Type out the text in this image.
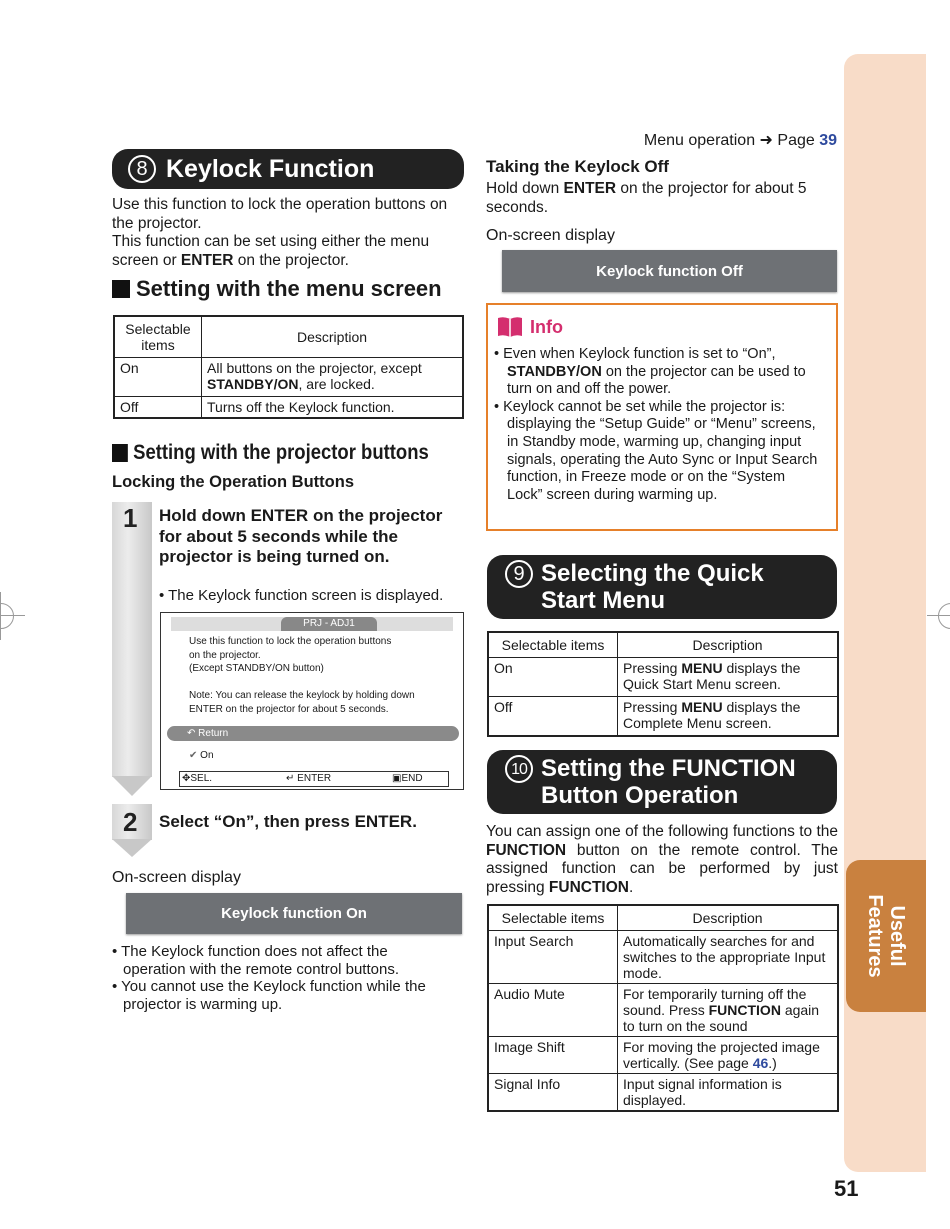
Useful
Features
Menu operation ➜ Page 39
8 Keylock Function
Use this function to lock the operation buttons on the projector.
This function can be set using either the menu screen or ENTER on the projector.
Setting with the menu screen
Selectable items	Description
On	All buttons on the projector, except STANDBY/ON, are locked.
Off	Turns off the Keylock function.
Setting with the projector buttons
Locking the Operation Buttons
1 Hold down ENTER on the projector for about 5 seconds while the projector is being turned on.
• The Keylock function screen is displayed.
PRJ - ADJ1
Use this function to lock the operation buttons
on the projector.
(Except STANDBY/ON button)

Note: You can release the keylock by holding down
ENTER on the projector for about 5 seconds.
↶ Return
✔ On
✥SEL.	↵ ENTER	▣END
2 Select “On”, then press ENTER.
On-screen display
Keylock function On
• The Keylock function does not affect the operation with the remote control buttons.
• You cannot use the Keylock function while the projector is warming up.
Taking the Keylock Off
Hold down ENTER on the projector for about 5 seconds.
On-screen display
Keylock function Off
Info
• Even when Keylock function is set to “On”, STANDBY/ON on the projector can be used to turn on and off the power.
• Keylock cannot be set while the projector is: displaying the “Setup Guide” or “Menu” screens, in Standby mode, warming up, changing input signals, operating the Auto Sync or Input Search function, in Freeze mode or on the “System Lock” screen during warming up.
9 Selecting the Quick
Start Menu
Selectable items	Description
On	Pressing MENU displays the Quick Start Menu screen.
Off	Pressing MENU displays the Complete Menu screen.
10 Setting the FUNCTION
Button Operation
You can assign one of the following functions to the FUNCTION button on the remote control. The assigned function can be performed by just pressing FUNCTION.
Selectable items	Description
Input Search	Automatically searches for and switches to the appropriate Input mode.
Audio Mute	For temporarily turning off the sound. Press FUNCTION again to turn on the sound
Image Shift	For moving the projected image vertically. (See page 46.)
Signal Info	Input signal information is displayed.
51
